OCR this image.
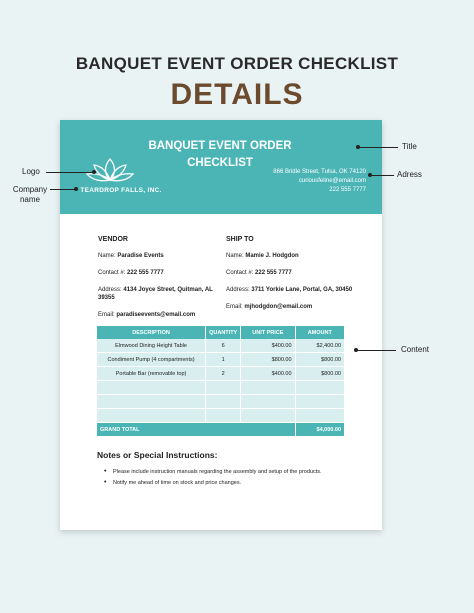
BANQUET EVENT ORDER CHECKLIST
DETAILS
TEARDROP FALLS, INC.
BANQUET EVENT ORDER CHECKLIST
866 Bridle Street, Tulsa, OK 74120
curiousfeline@email.com
222 555 7777
VENDOR
Name: Paradise Events
Contact #: 222 555 7777
Address: 4134 Joyce Street, Quitman, AL 39355
Email: paradiseevents@email.com
SHIP TO
Name: Mamie J. Hodgdon
Contact #: 222 555 7777
Address: 3711 Yorkie Lane, Portal, GA, 30450
Email: mjhodgdon@email.com
DESCRIPTION	QUANTITY	UNIT PRICE	AMOUNT
Elmwood Dining Height Table	6	$400.00	$2,400.00
Condiment Pump (4 compartments)	1	$800.00	$800.00
Portable Bar (removable top)	2	$400.00	$800.00

GRAND TOTAL			$4,000.00
Notes or Special Instructions:
• Please include instruction manuals regarding the assembly and setup of the products.
• Notify me ahead of time on stock and price changes.
Logo
Company name
Title
Adress
Content
